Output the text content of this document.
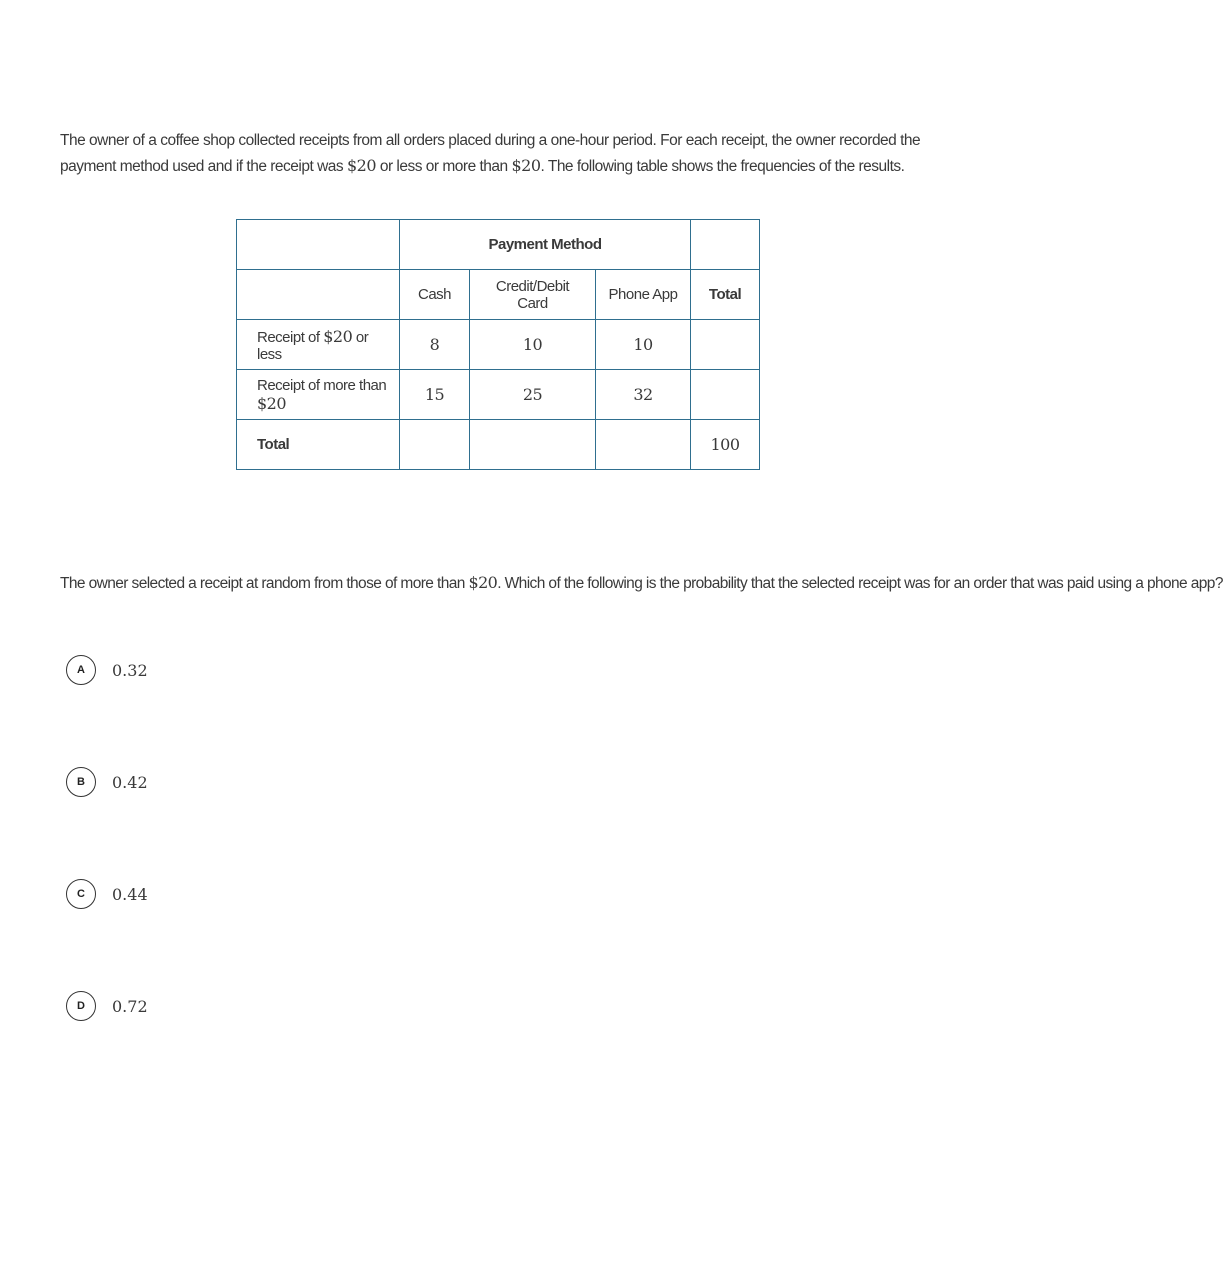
The owner of a coffee shop collected receipts from all orders placed during a one-hour period. For each receipt, the owner recorded the payment method used and if the receipt was $20 or less or more than $20. The following table shows the frequencies of the results.

	Payment Method			
	Cash	Credit/Debit Card	Phone App	Total
Receipt of $20 or less	8	10	10	
Receipt of more than $20	15	25	32	
Total				100

The owner selected a receipt at random from those of more than $20. Which of the following is the probability that the selected receipt was for an order that was paid using a phone app?

A	0.32
B	0.42
C	0.44
D	0.72
